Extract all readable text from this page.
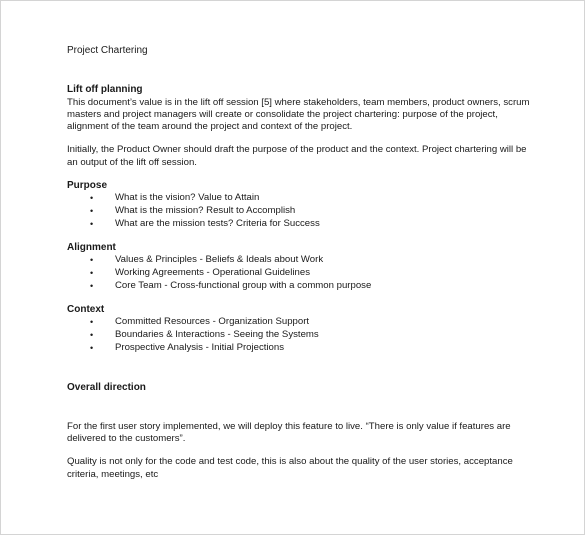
Project Chartering

Lift off planning

This document’s value is in the lift off session [5] where stakeholders, team members, product owners, scrum masters and project managers will create or consolidate the project chartering: purpose of the project, alignment of the team around the project and context of the project.

Initially, the Product Owner should draft the purpose of the product and the context. Project chartering will be an output of the lift off session.

Purpose
• What is the vision? Value to Attain
• What is the mission? Result to Accomplish
• What are the mission tests? Criteria for Success
Alignment
• Values & Principles - Beliefs & Ideals about Work
• Working Agreements - Operational Guidelines
• Core Team - Cross-functional group with a common purpose
Context
• Committed Resources - Organization Support
• Boundaries & Interactions - Seeing the Systems
• Prospective Analysis - Initial Projections
Overall direction

For the first user story implemented, we will deploy this feature to live. “There is only value if features are delivered to the customers”.

Quality is not only for the code and test code, this is also about the quality of the user stories, acceptance criteria, meetings, etc
